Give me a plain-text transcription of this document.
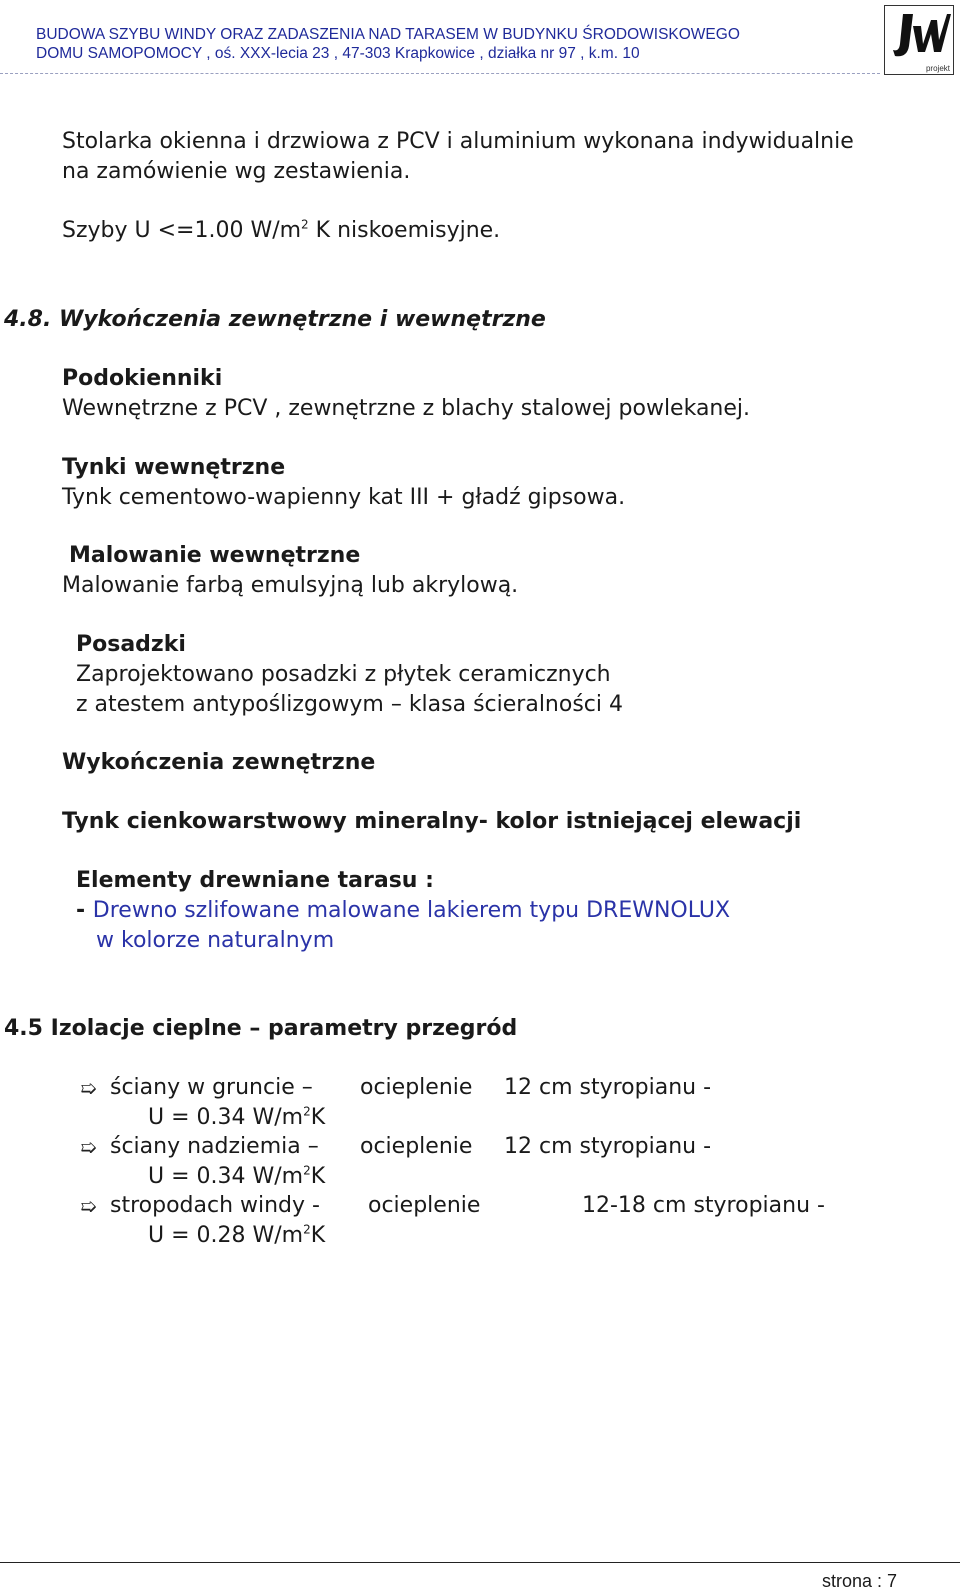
BUDOWA SZYBU WINDY ORAZ ZADASZENIA NAD TARASEM W BUDYNKU ŚRODOWISKOWEGO
DOMU SAMOPOMOCY , oś. XXX-lecia 23 , 47-303 Krapkowice , działka nr 97 , k.m. 10
projekt
Stolarka okienna i drzwiowa z PCV i aluminium wykonana indywidualnie
na zamówienie wg zestawienia.
Szyby U <=1.00 $W/m^2$ K niskoemisyjne.
4.8. Wykończenia zewnętrzne i wewnętrzne
Podokienniki
Wewnętrzne z PCV , zewnętrzne z blachy stalowej powlekanej.
Tynki wewnętrzne
Tynk cementowo-wapienny kat III + gładź gipsowa.
Malowanie wewnętrzne
Malowanie farbą emulsyjną lub akrylową.
Posadzki
Zaprojektowano posadzki z płytek ceramicznych
z atestem antypoślizgowym – klasa ścieralności 4
Wykończenia zewnętrzne
Tynk cienkowarstwowy mineralny- kolor istniejącej elewacji
Elementy drewniane tarasu :
- Drewno szlifowane malowane lakierem typu DREWNOLUX
w kolorze naturalnym
4.5 Izolacje cieplne – parametry przegród
➯ ściany w gruncie – ocieplenie 12 cm styropianu -
U = 0.34 $W/m^2K$
➯ ściany nadziemia – ocieplenie 12 cm styropianu -
U = 0.34 $W/m^2K$
➯ stropodach windy - ocieplenie	12-18 cm styropianu -
U = 0.28 $W/m^2K$
strona : 7
